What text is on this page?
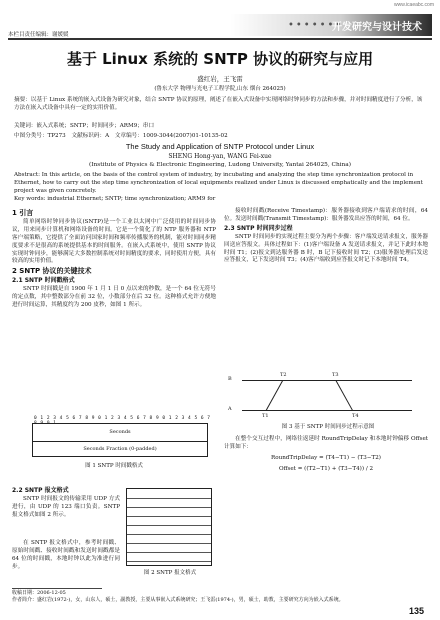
www.icaeabc.com
本栏目责任编辑：谢媛媛
•••••••
开发研究与设计技术
基于 Linux 系统的 SNTP 协议的研究与应用
盛红岩，王飞雷
(鲁东大学 物理与光电子工程学院,山东 烟台 264025)
摘要：以基于 Linux 系统的嵌入式设备为研究对象，结合 SNTP 协议的原理，阐述了在嵌入式设备中实现网络时钟同步的方法和步骤，并对时间精度进行了分析，该方法在嵌入式设备中具有一定的实用价值。
关键词：嵌入式系统；SNTP；时间同步；ARM9；串口
中图分类号：TP273 文献标识码：A 文章编号：1009-3044(2007)01-10135-02
The Study and Application of SNTP Protocol under Linux
SHENG Hong-yan, WANG Fei-xue
(Institute of Physics & Electronic Engineering, Ludong University, Yantai 264025, China)
Abstract: In this article, on the basis of the control system of industry, by incubating and analyzing the step time synchronization protocol in Ethernet, how to carry out the step time synchronization of local equipments realized under Linux is discussed emphatically and the implement project was given concretely.
Key words: industrial Ethernet; SNTP; time synchronization; ARM9 for
1 引言

简单网络时钟同步协议(SNTP)是一个工业以太网中广泛使用的时间同步协议，用来同步计算机和网络设备的时间。它是一个简化了的 NTP 服务器和 NTP 客户端策略，它提供了全面访问国家时间和频率传播服务的机制，能对时间同步精度要求不是很高的系统提供基本的时间服务。在嵌入式系统中，使用 SNTP 协议实现时钟同步，能够满足大多数控制系统对时间精度的要求，同时使用方便，具有较高的实用价值。

2 SNTP 协议的关键技术
2.1 SNTP 时间戳格式

SNTP 时间戳是自 1900 年 1 月 1 日 0 点以来的秒数，是一个 64 位无符号的定点数，其中整数部分在前 32 位，小数部分在后 32 位。这种格式允许方便地进行时间运算，其精度约为 200 皮秒，如图 1 所示。

0 1 2 3 4 5 6 7 8 9 0 1 2 3 4 5 6 7 8 9 0 1 2 3 4 5 6 7 8 9 0 1
Seconds
Seconds Fraction (0-padded)
图 1 SNTP 时间戳格式
2.2 SNTP 报文格式

SNTP 时间报文的传输采用 UDP 方式进行，由 UDP 的 123 端口负责。SNTP 报文格式如图 2 所示。

在 SNTP 报文格式中，参考时间戳、原始时间戳、接收时间戳和发送时间戳都是 64 位的时间戳，本地时钟以此为准进行同步。

图 2 SNTP 报文格式

接收时间戳(Receive Timestamp)：服务器接收到客户端请求的时间，64 位。发送时间戳(Transmit Timestamp)：服务器发出应答的时间，64 位。

2.3 SNTP 时间同步过程

SNTP 时间同步的实现过程主要分为两个步骤：客户端发送请求报文，服务器回送应答报文。具体过程如下：(1)客户端设备 A 发送请求报文，并记下此时本地时间 T1；(2)报文到达服务器 B 时，B 记下接收时间 T2；(3)服务器处理后发送应答报文，记下发送时间 T3；(4)客户端收到应答报文时记下本地时间 T4。

B
A
T1
T2	T3
T4
图 3 基于 SNTP 时间同步过程示意图

在整个交互过程中，网络往返延时 RoundTripDelay 和本地时钟偏移 Offset 计算如下：

RoundTripDelay = (T4−T1) − (T3−T2)
Offset = ((T2−T1) + (T3−T4)) / 2
收稿日期：2006-12-05
作者简介：盛红岩(1972-)，女，山东人，硕士，副教授，主要从事嵌入式系统研究；王飞雷(1974-)，男，硕士，助教，主要研究方向为嵌入式系统。
135
